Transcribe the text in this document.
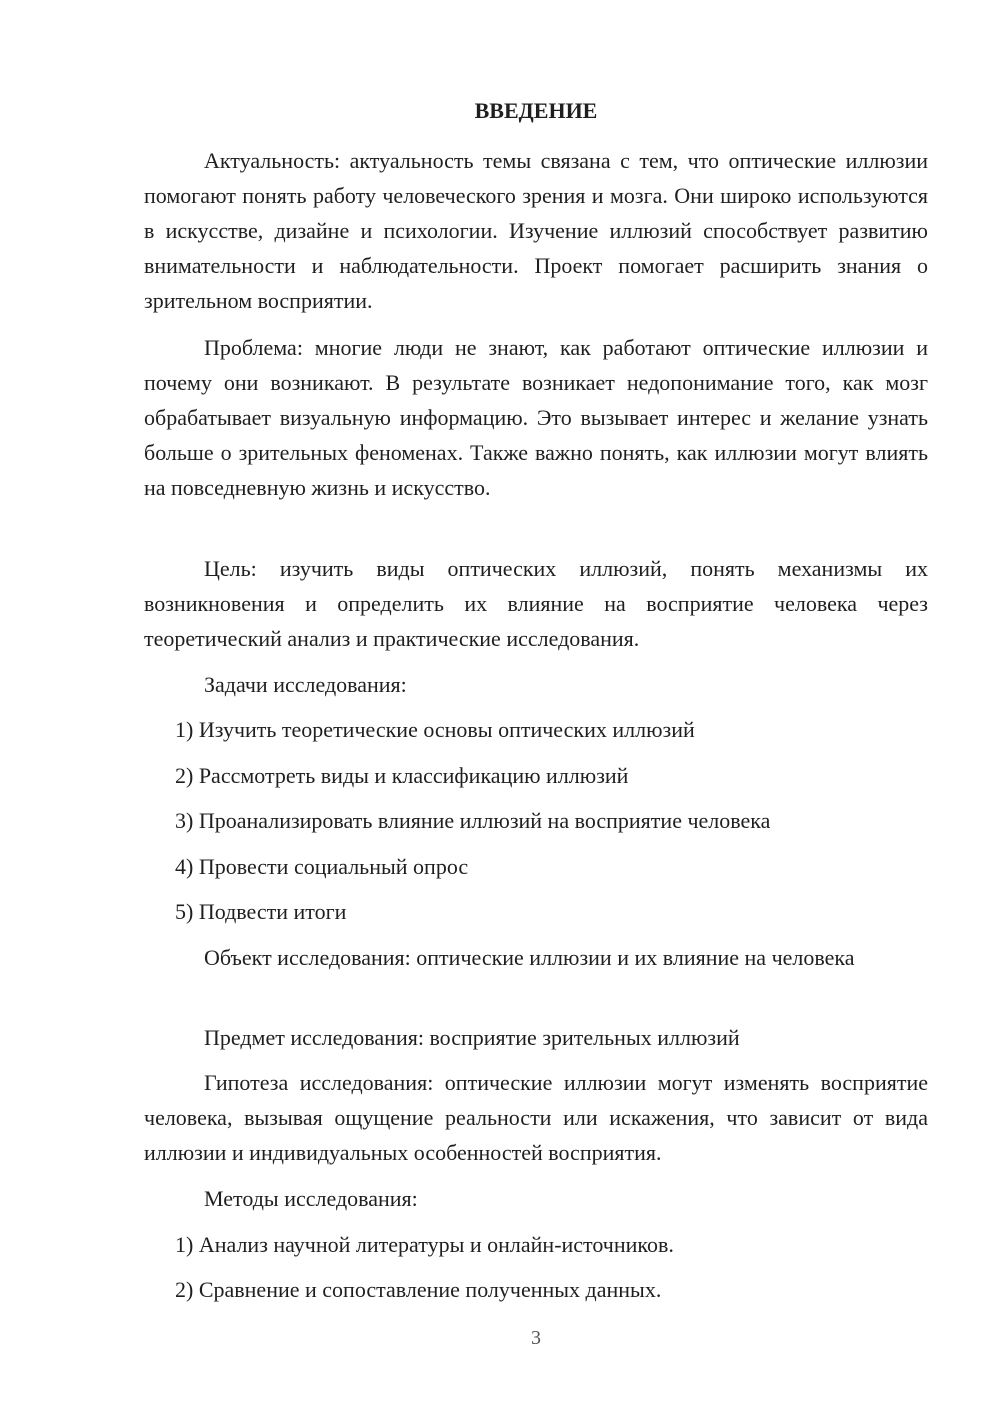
ВВЕДЕНИЕ

Актуальность: актуальность темы связана с тем, что оптические иллюзии помогают понять работу человеческого зрения и мозга. Они широко используются в искусстве, дизайне и психологии. Изучение иллюзий способствует развитию внимательности и наблюдательности. Проект помогает расширить знания о зрительном восприятии.

Проблема: многие люди не знают, как работают оптические иллюзии и почему они возникают. В результате возникает недопонимание того, как мозг обрабатывает визуальную информацию. Это вызывает интерес и желание узнать больше о зрительных феноменах. Также важно понять, как иллюзии могут влиять на повседневную жизнь и искусство.

Цель: изучить виды оптических иллюзий, понять механизмы их возникновения и определить их влияние на восприятие человека через теоретический анализ и практические исследования.

Задачи исследования:

1) Изучить теоретические основы оптических иллюзий

2) Рассмотреть виды и классификацию иллюзий

3) Проанализировать влияние иллюзий на восприятие человека

4) Провести социальный опрос

5) Подвести итоги

Объект исследования: оптические иллюзии и их влияние на человека

Предмет исследования: восприятие зрительных иллюзий

Гипотеза исследования: оптические иллюзии могут изменять восприятие человека, вызывая ощущение реальности или искажения, что зависит от вида иллюзии и индивидуальных особенностей восприятия.

Методы исследования:

1) Анализ научной литературы и онлайн-источников.

2) Сравнение и сопоставление полученных данных.

3
